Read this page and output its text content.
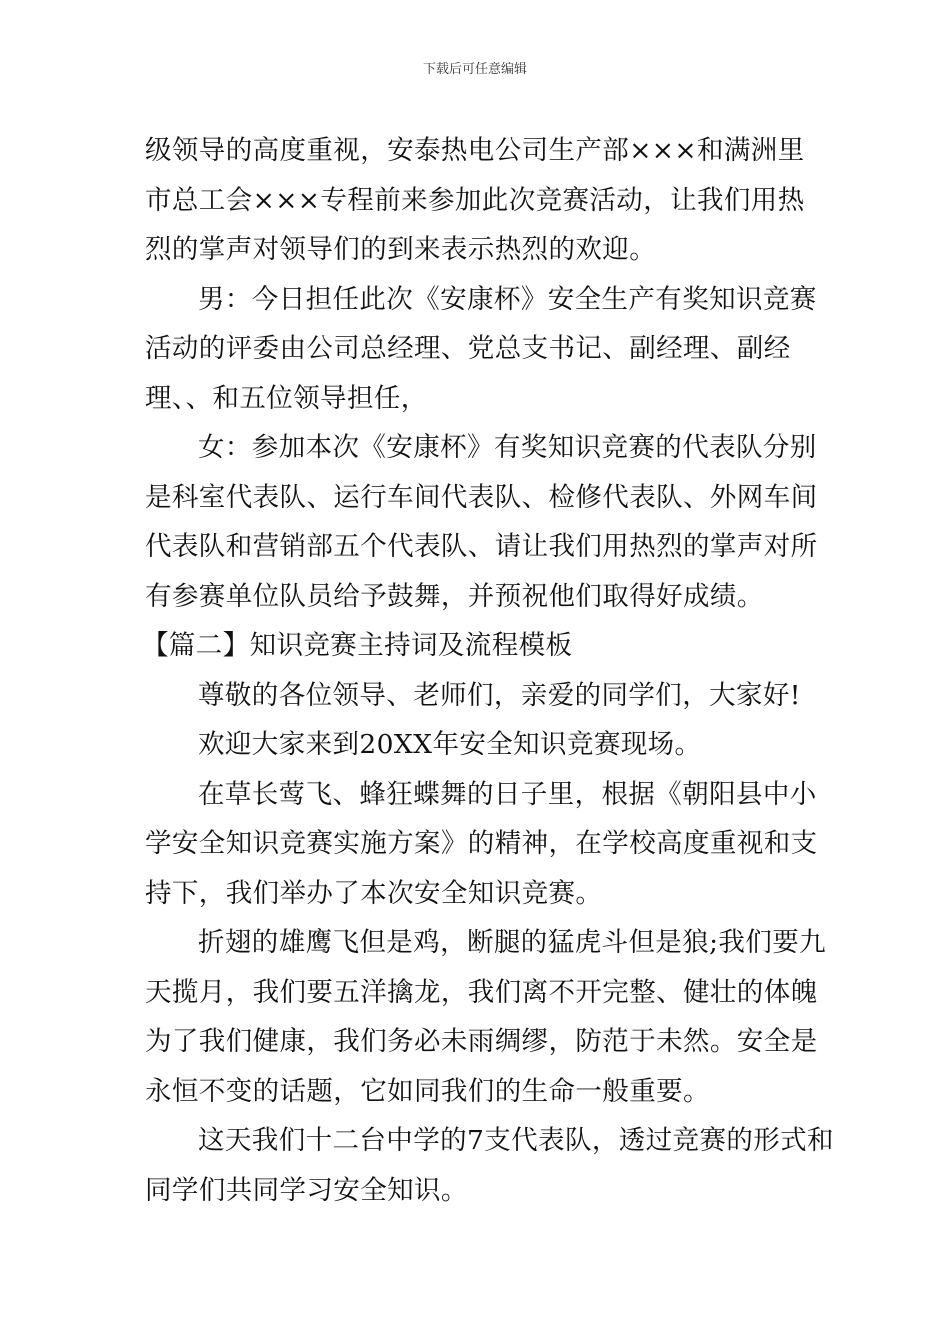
下载后可任意编辑
级领导的高度重视，安泰热电公司生产部×××和满洲里
市总工会×××专程前来参加此次竞赛活动，让我们用热
烈的掌声对领导们的到来表示热烈的欢迎。
男：今日担任此次《安康杯》安全生产有奖知识竞赛
活动的评委由公司总经理、党总支书记、副经理、副经
理、、和五位领导担任，
女：参加本次《安康杯》有奖知识竞赛的代表队分别
是科室代表队、运行车间代表队、检修代表队、外网车间
代表队和营销部五个代表队、请让我们用热烈的掌声对所
有参赛单位队员给予鼓舞，并预祝他们取得好成绩。
【篇二】知识竞赛主持词及流程模板
尊敬的各位领导、老师们，亲爱的同学们，大家好!
欢迎大家来到20XX年安全知识竞赛现场。
在草长莺飞、蜂狂蝶舞的日子里，根据《朝阳县中小
学安全知识竞赛实施方案》的精神，在学校高度重视和支
持下，我们举办了本次安全知识竞赛。
折翅的雄鹰飞但是鸡，断腿的猛虎斗但是狼;我们要九
天揽月，我们要五洋擒龙，我们离不开完整、健壮的体魄
为了我们健康，我们务必未雨绸缪，防范于未然。安全是
永恒不变的话题，它如同我们的生命一般重要。
这天我们十二台中学的7支代表队，透过竞赛的形式和
同学们共同学习安全知识。
